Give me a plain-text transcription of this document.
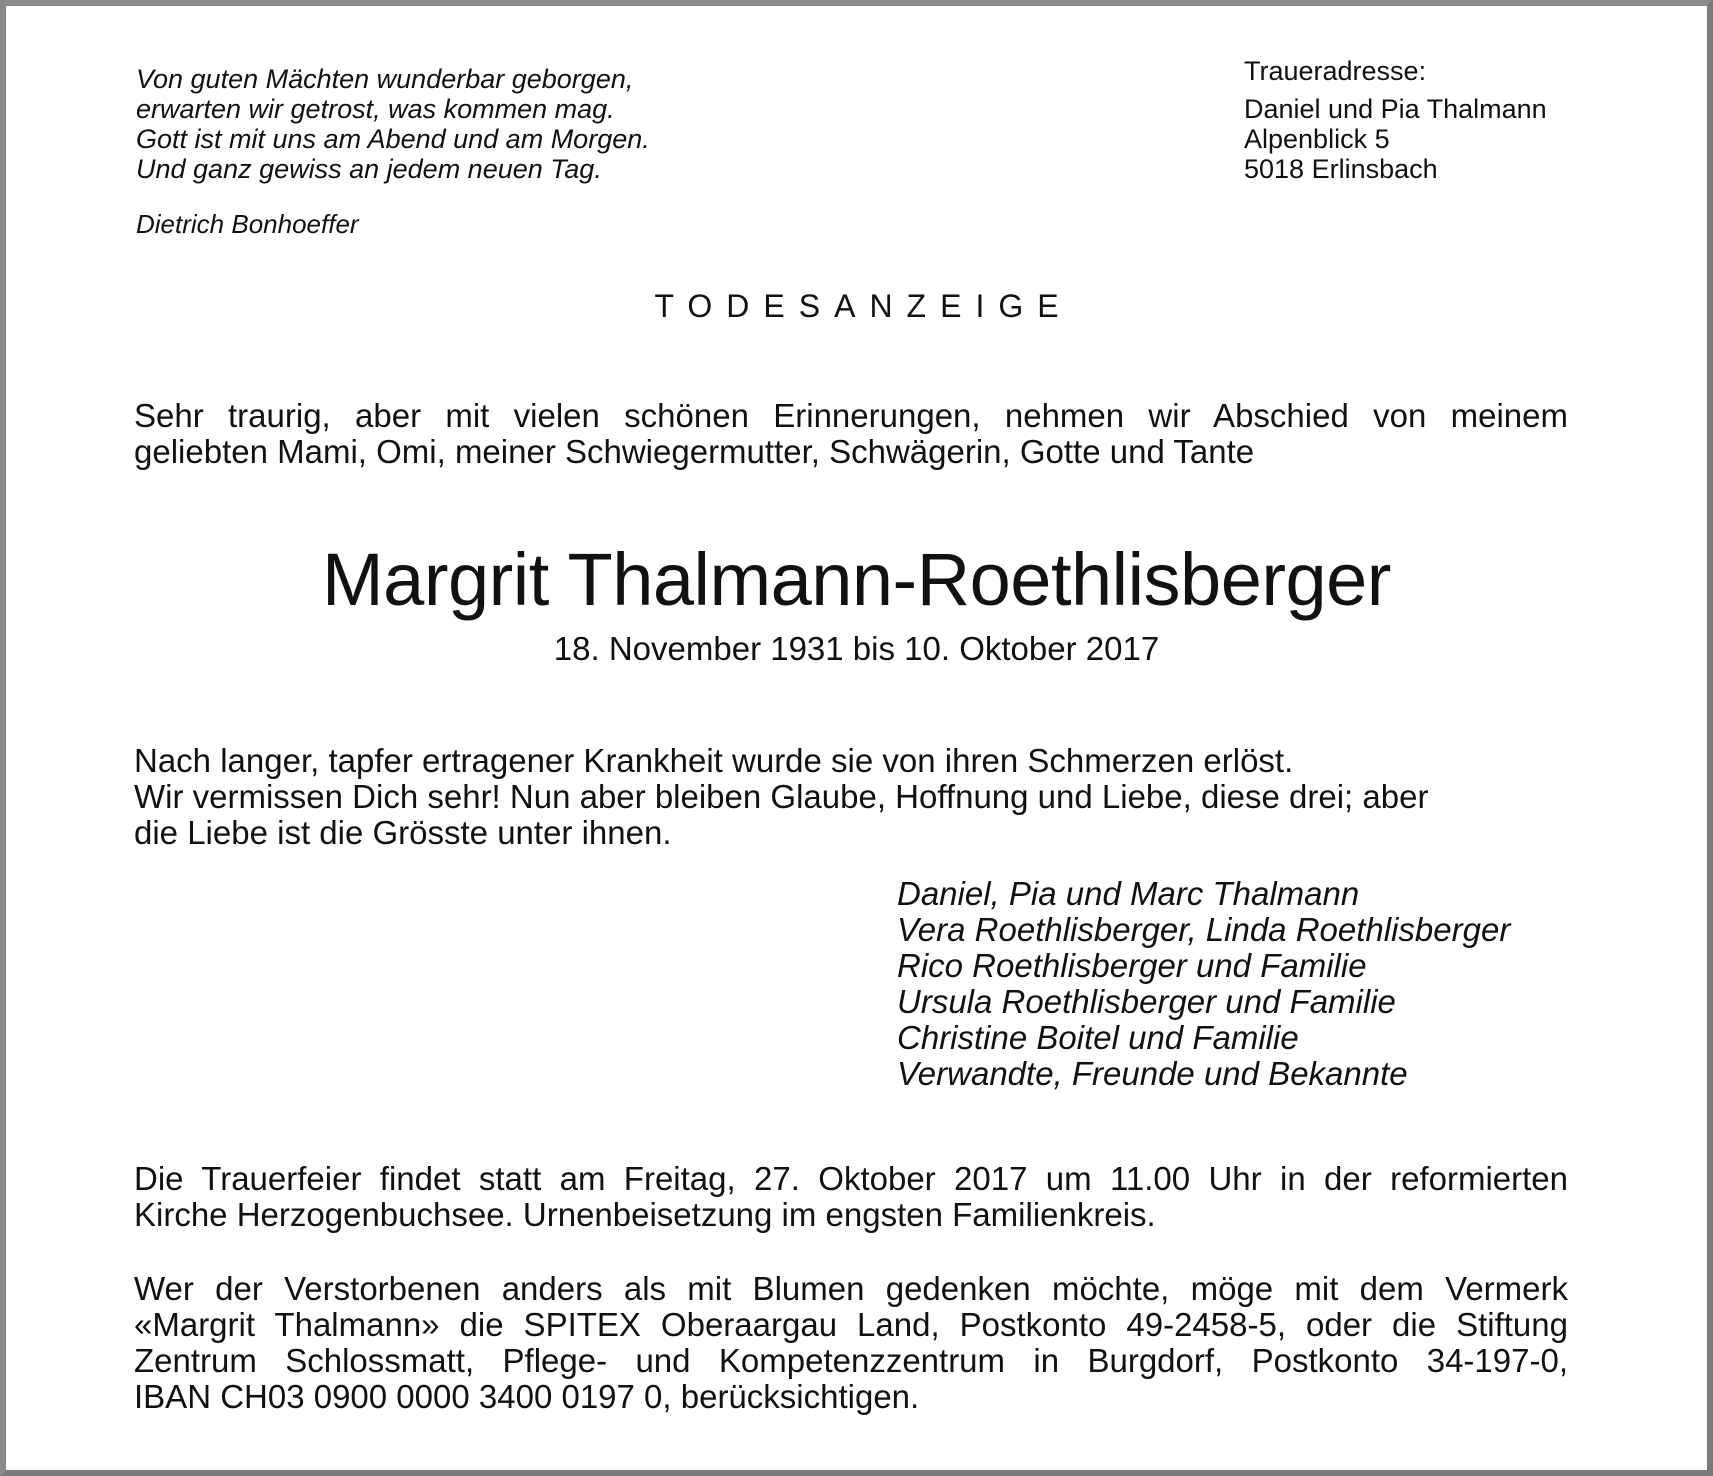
Von guten Mächten wunderbar geborgen,
erwarten wir getrost, was kommen mag.
Gott ist mit uns am Abend und am Morgen.
Und ganz gewiss an jedem neuen Tag.
Dietrich Bonhoeffer
Traueradresse:
Daniel und Pia Thalmann
Alpenblick 5
5018 Erlinsbach
TODESANZEIGE
Sehr traurig, aber mit vielen schönen Erinnerungen, nehmen wir Abschied von meinem
geliebten Mami, Omi, meiner Schwiegermutter, Schwägerin, Gotte und Tante
Margrit Thalmann-Roethlisberger
18. November 1931 bis 10. Oktober 2017
Nach langer, tapfer ertragener Krankheit wurde sie von ihren Schmerzen erlöst.
Wir vermissen Dich sehr! Nun aber bleiben Glaube, Hoffnung und Liebe, diese drei; aber
die Liebe ist die Grösste unter ihnen.
Daniel, Pia und Marc Thalmann
Vera Roethlisberger, Linda Roethlisberger
Rico Roethlisberger und Familie
Ursula Roethlisberger und Familie
Christine Boitel und Familie
Verwandte, Freunde und Bekannte
Die Trauerfeier findet statt am Freitag, 27. Oktober 2017 um 11.00 Uhr in der reformierten
Kirche Herzogenbuchsee. Urnenbeisetzung im engsten Familienkreis.
Wer der Verstorbenen anders als mit Blumen gedenken möchte, möge mit dem Vermerk
«Margrit Thalmann» die SPITEX Oberaargau Land, Postkonto 49-2458-5, oder die Stiftung
Zentrum Schlossmatt, Pflege- und Kompetenzzentrum in Burgdorf, Postkonto 34-197-0,
IBAN CH03 0900 0000 3400 0197 0, berücksichtigen.
